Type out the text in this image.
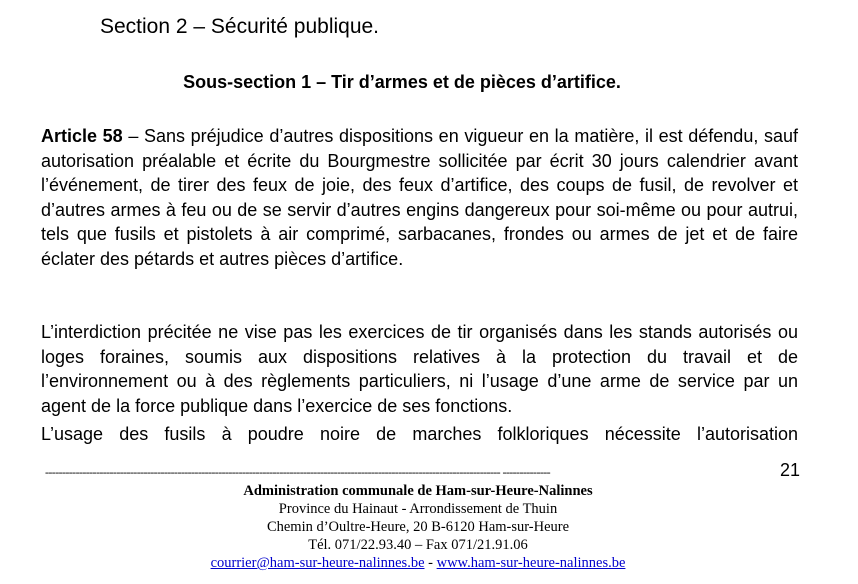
Section 2 – Sécurité publique.
Sous-section 1 – Tir d’armes et de pièces d’artifice.

Article 58 – Sans préjudice d’autres dispositions en vigueur en la matière, il est défendu, sauf autorisation préalable et écrite du Bourgmestre sollicitée par écrit 30 jours calendrier avant l’événement, de tirer des feux de joie, des feux d’artifice, des coups de fusil, de revolver et d’autres armes à feu ou de se servir d’autres engins dangereux pour soi-même ou pour autrui, tels que fusils et pistolets à air comprimé, sarbacanes, frondes ou armes de jet et de faire éclater des pétards et autres pièces d’artifice.

L’interdiction précitée ne vise pas les exercices de tir organisés dans les stands autorisés ou loges foraines, soumis aux dispositions relatives à la protection du travail et de l’environnement ou à des règlements particuliers, ni l’usage d’une arme de service par un agent de la force publique dans l’exercice de ses fonctions.

L’usage des fusils à poudre noire de marches folkloriques nécessite l’autorisation

-------------------------------------------------------------------------------------------------------------------------------------- --------------	21
Administration communale de Ham-sur-Heure-Nalinnes
Province du Hainaut - Arrondissement de Thuin
Chemin d’Oultre-Heure, 20 B-6120 Ham-sur-Heure
Tél. 071/22.93.40 – Fax 071/21.91.06
courrier@ham-sur-heure-nalinnes.be - www.ham-sur-heure-nalinnes.be
